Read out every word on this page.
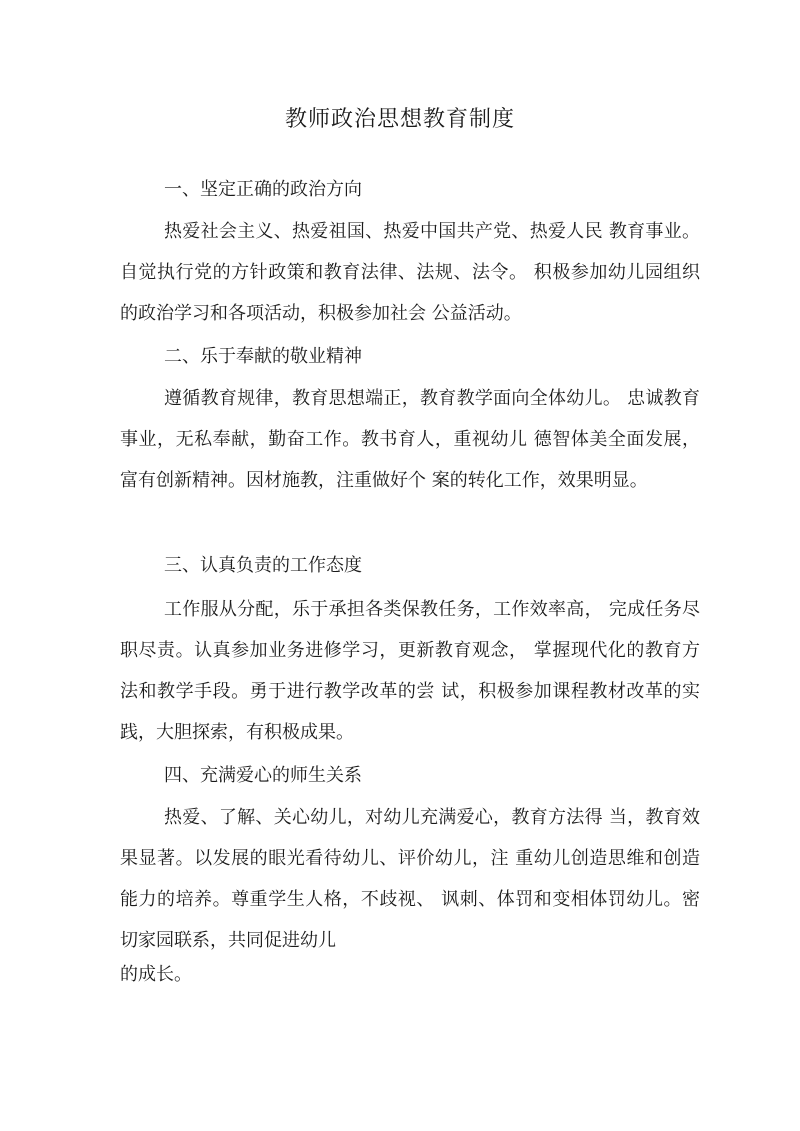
教师政治思想教育制度
一、坚定正确的政治方向

热爱社会主义、热爱祖国、热爱中国共产党、热爱人民 教育事业。自觉执行党的方针政策和教育法律、法规、法令。 积极参加幼儿园组织的政治学习和各项活动，积极参加社会 公益活动。

二、乐于奉献的敬业精神

遵循教育规律，教育思想端正，教育教学面向全体幼儿。 忠诚教育事业，无私奉献，勤奋工作。教书育人，重视幼儿 德智体美全面发展，富有创新精神。因材施教，注重做好个 案的转化工作，效果明显。

三、认真负责的工作态度

工作服从分配，乐于承担各类保教任务，工作效率高， 完成任务尽职尽责。认真参加业务进修学习，更新教育观念， 掌握现代化的教育方法和教学手段。勇于进行教学改革的尝 试，积极参加课程教材改革的实践，大胆探索，有积极成果。

四、充满爱心的师生关系

热爱、了解、关心幼儿，对幼儿充满爱心，教育方法得 当，教育效果显著。以发展的眼光看待幼儿、评价幼儿，注 重幼儿创造思维和创造能力的培养。尊重学生人格，不歧视、 讽刺、体罚和变相体罚幼儿。密切家园联系，共同促进幼儿

的成长。
